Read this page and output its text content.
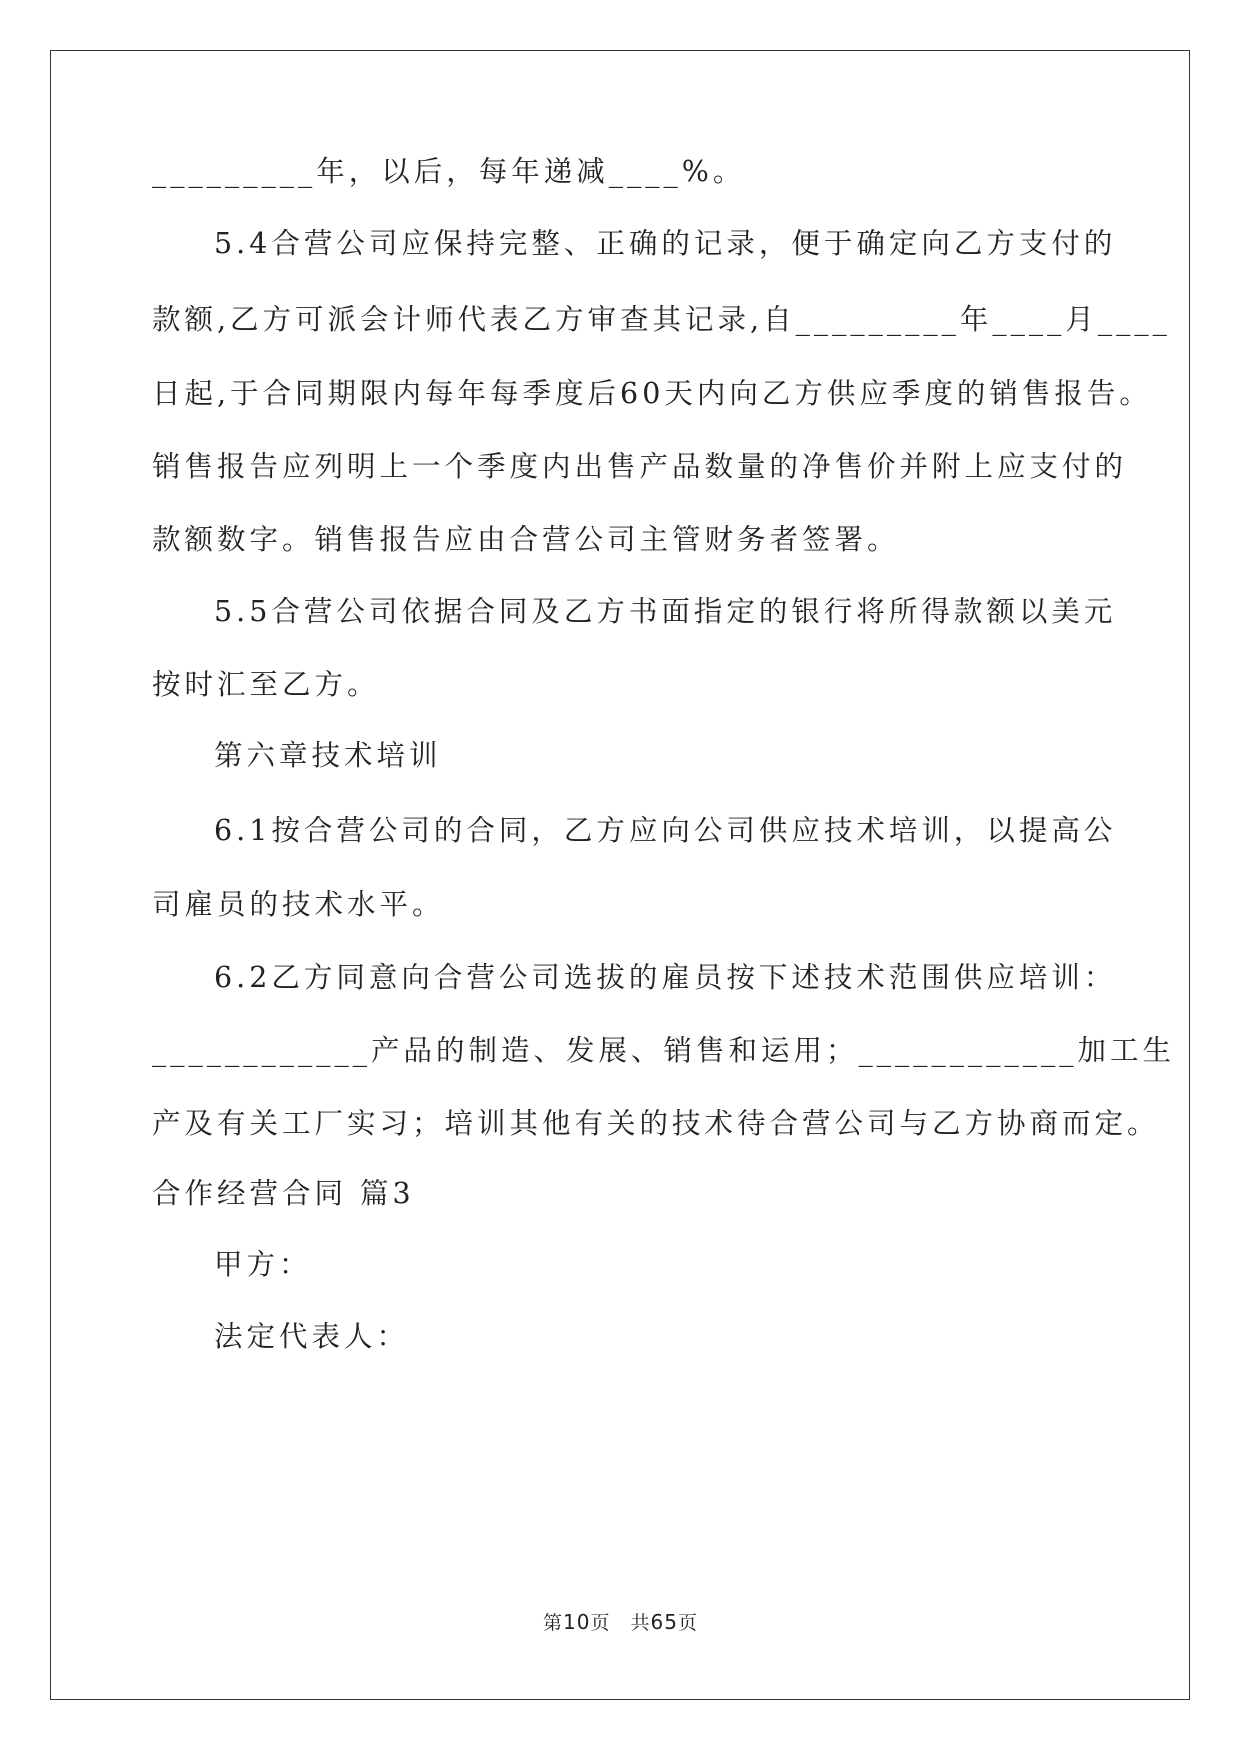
_________年，以后，每年递减____%。
5.4合营公司应保持完整、正确的记录，便于确定向乙方支付的
款额,乙方可派会计师代表乙方审查其记录,自_________年____月____
日起,于合同期限内每年每季度后60天内向乙方供应季度的销售报告。
销售报告应列明上一个季度内出售产品数量的净售价并附上应支付的
款额数字。销售报告应由合营公司主管财务者签署。
5.5合营公司依据合同及乙方书面指定的银行将所得款额以美元
按时汇至乙方。
第六章技术培训
6.1按合营公司的合同，乙方应向公司供应技术培训，以提高公
司雇员的技术水平。
6.2乙方同意向合营公司选拔的雇员按下述技术范围供应培训：
____________产品的制造、发展、销售和运用；____________加工生
产及有关工厂实习；培训其他有关的技术待合营公司与乙方协商而定。
合作经营合同 篇3
甲方：
法定代表人：
第10页　共65页
